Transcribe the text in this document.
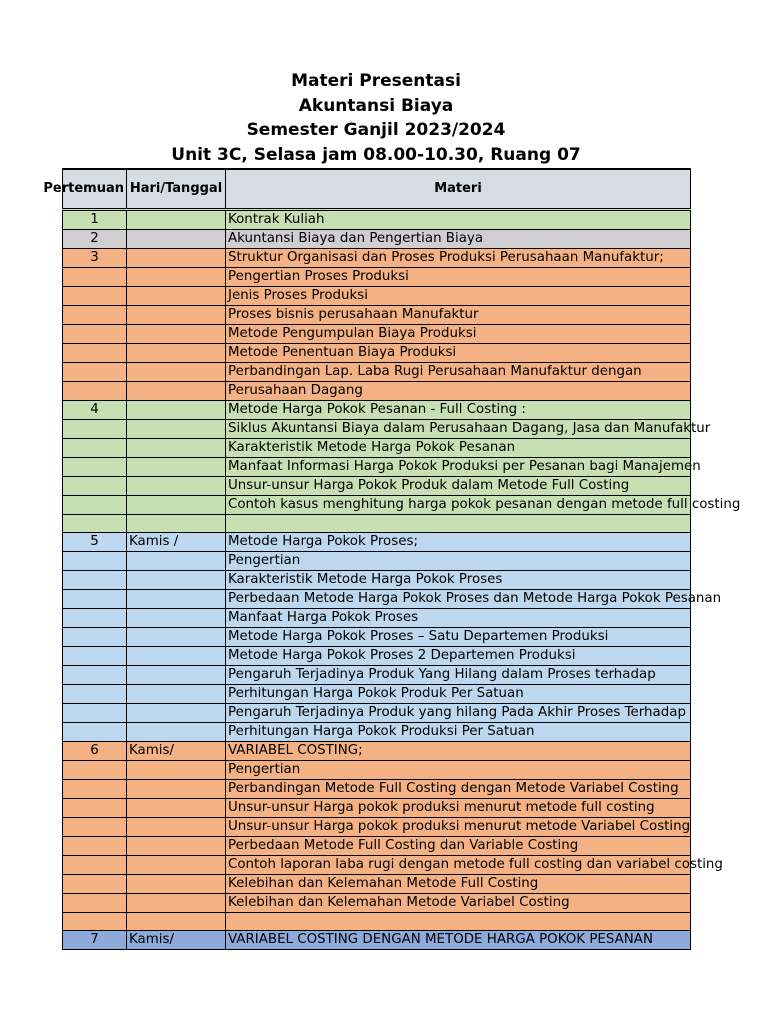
Materi Presentasi
Akuntansi Biaya
Semester Ganjil 2023/2024
Unit 3C, Selasa jam 08.00-10.30, Ruang 07
Pertemuan	Hari/Tanggal	Materi
1		Kontrak Kuliah
2		Akuntansi Biaya dan Pengertian Biaya
3		Struktur Organisasi dan Proses Produksi Perusahaan Manufaktur;
		Pengertian Proses Produksi
		Jenis Proses Produksi
		Proses bisnis perusahaan Manufaktur
		Metode Pengumpulan Biaya Produksi
		Metode Penentuan Biaya Produksi
		Perbandingan Lap. Laba Rugi Perusahaan Manufaktur dengan
		Perusahaan Dagang
4		Metode Harga Pokok Pesanan - Full Costing :
		Siklus Akuntansi Biaya dalam Perusahaan Dagang, Jasa dan Manufaktur
		Karakteristik Metode Harga Pokok Pesanan
		Manfaat Informasi Harga Pokok Produksi per Pesanan bagi Manajemen
		Unsur-unsur Harga Pokok Produk dalam Metode Full Costing
		Contoh kasus menghitung harga pokok pesanan dengan metode full costing

5	Kamis /	Metode Harga Pokok Proses;
		Pengertian
		Karakteristik Metode Harga Pokok Proses
		Perbedaan Metode Harga Pokok Proses dan Metode Harga Pokok Pesanan
		Manfaat Harga Pokok Proses
		Metode Harga Pokok Proses – Satu Departemen Produksi
		Metode Harga Pokok Proses 2 Departemen Produksi
		Pengaruh Terjadinya Produk Yang Hilang dalam Proses terhadap
		Perhitungan Harga Pokok Produk Per Satuan
		Pengaruh Terjadinya Produk yang hilang Pada Akhir Proses Terhadap
		Perhitungan Harga Pokok Produksi Per Satuan
6	Kamis/	VARIABEL COSTING;
		Pengertian
		Perbandingan Metode Full Costing dengan Metode Variabel Costing
		Unsur-unsur Harga pokok produksi menurut metode full costing
		Unsur-unsur Harga pokok produksi menurut metode Variabel Costing
		Perbedaan Metode Full Costing dan Variable Costing
		Contoh laporan laba rugi dengan metode full costing dan variabel costing
		Kelebihan dan Kelemahan Metode Full Costing
		Kelebihan dan Kelemahan Metode Variabel Costing

7	Kamis/	VARIABEL COSTING DENGAN METODE HARGA POKOK PESANAN
